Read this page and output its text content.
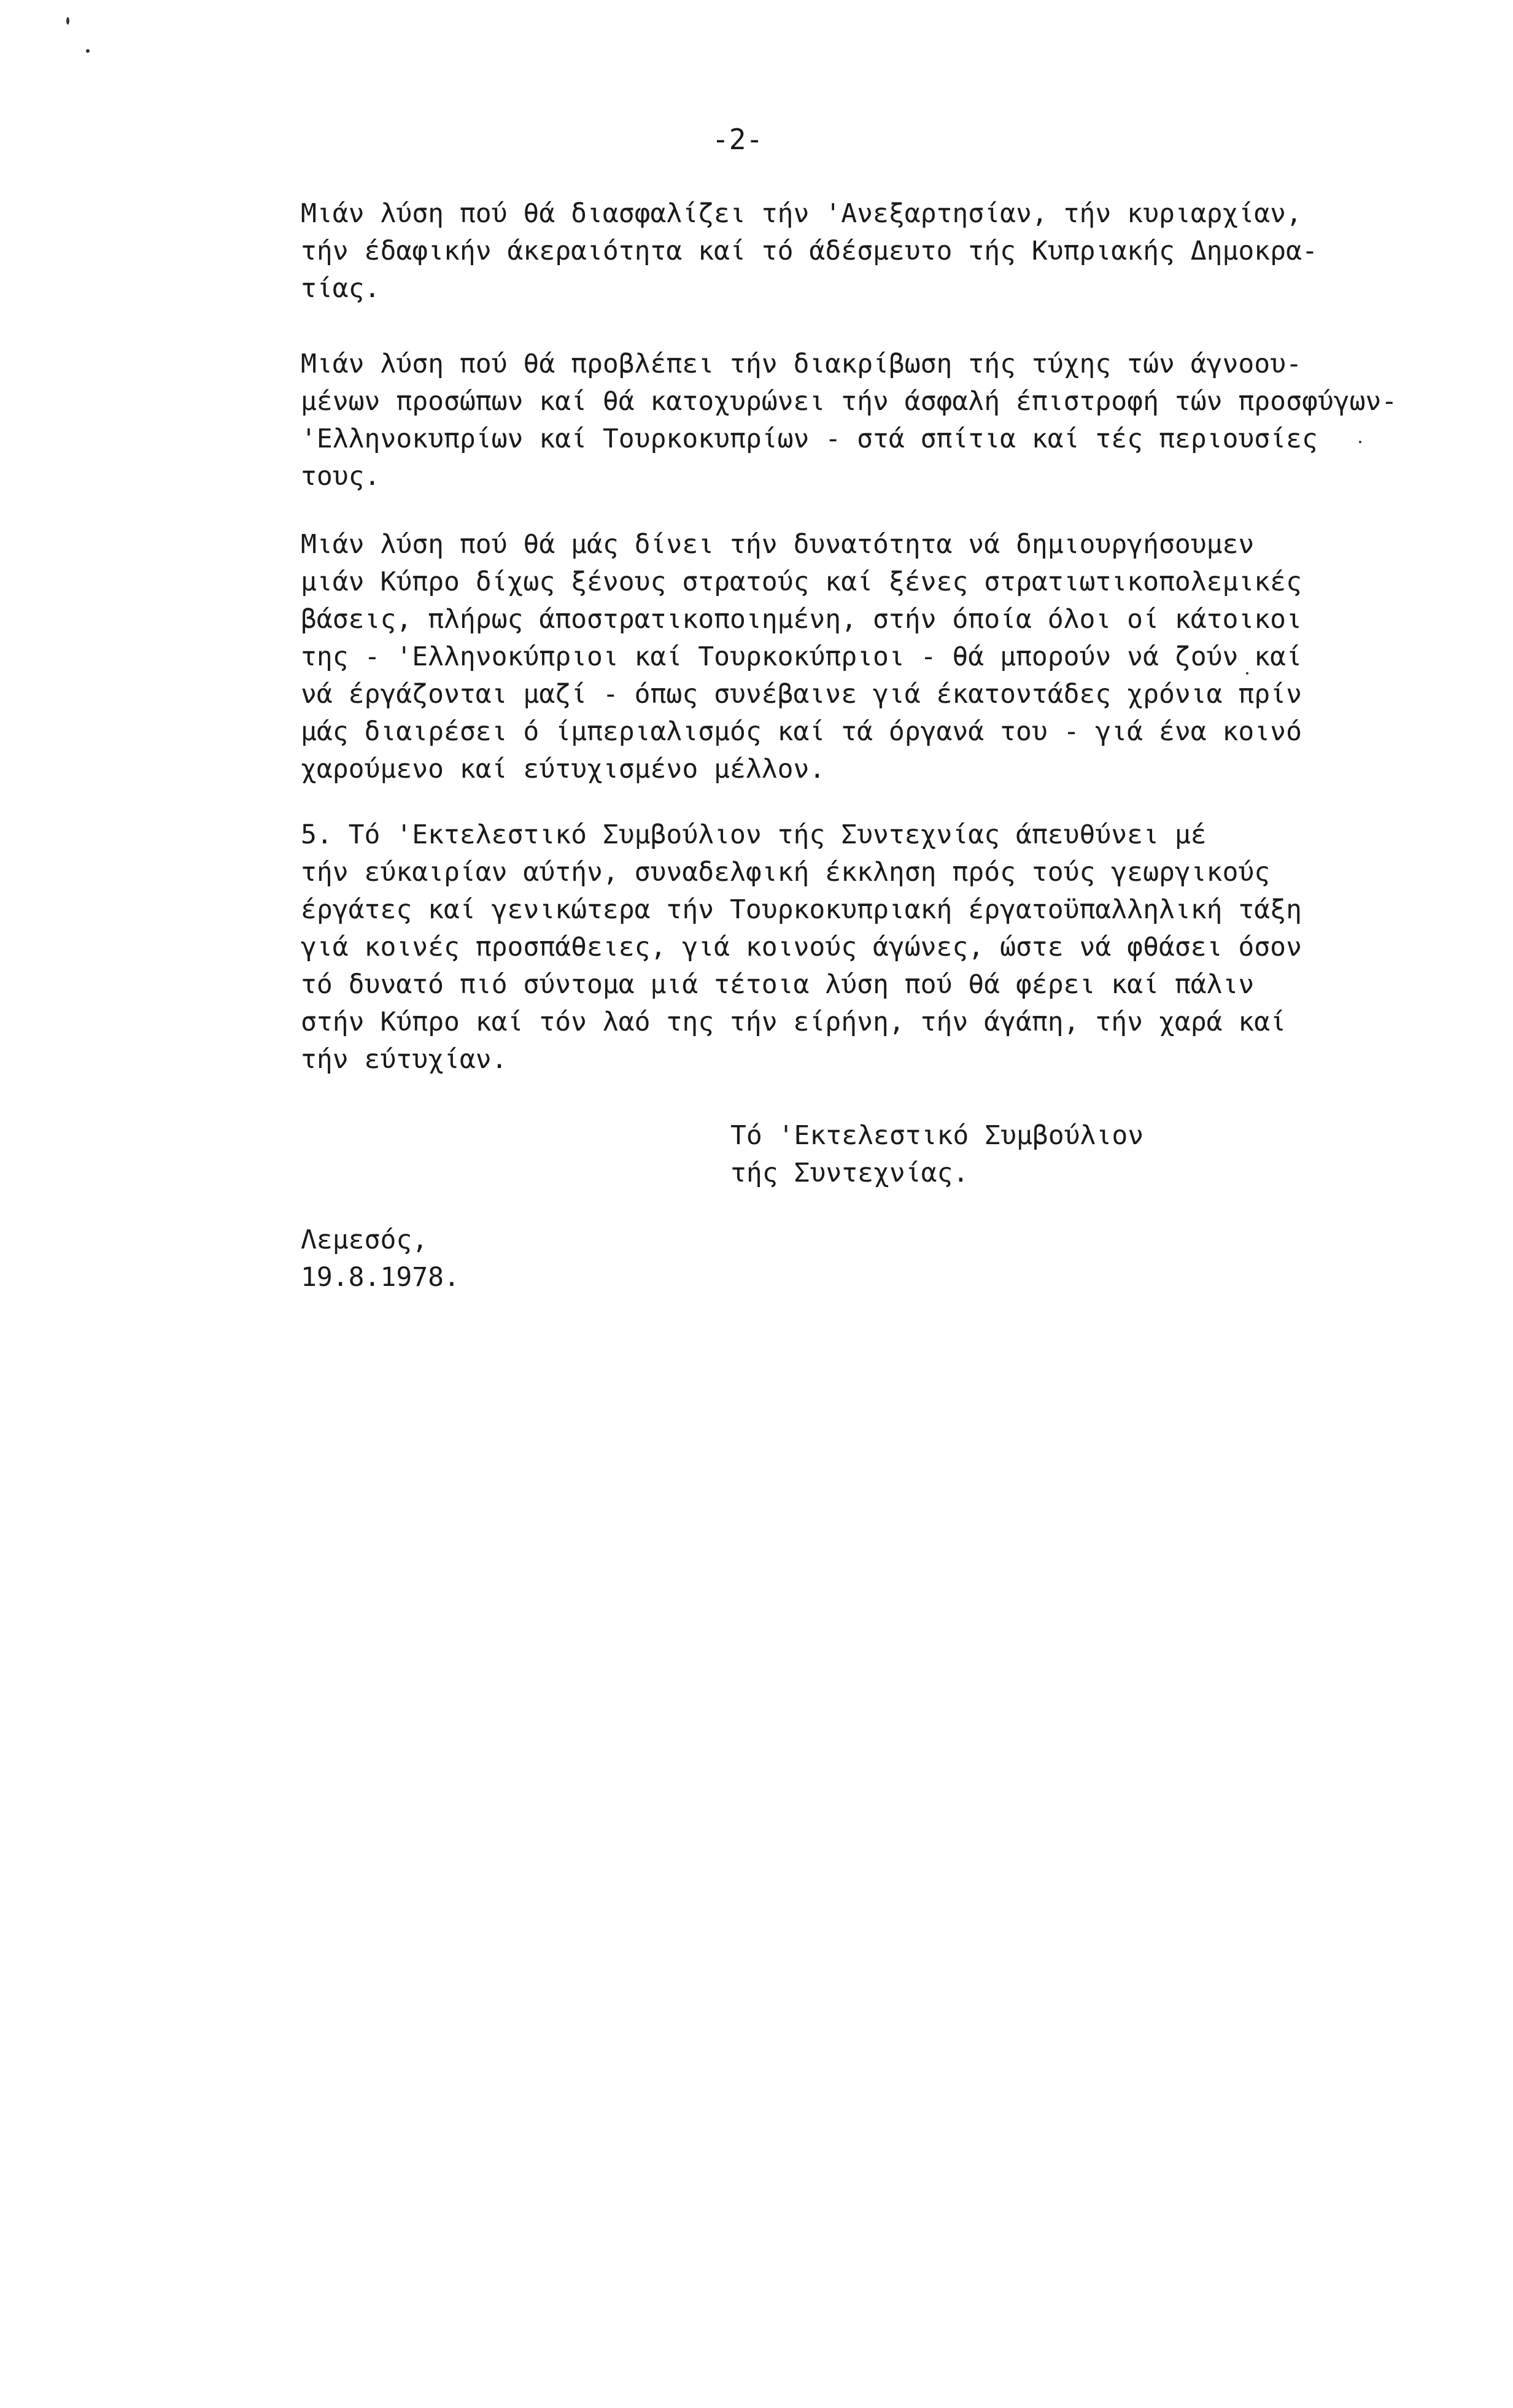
-2-
Μιάν λύση πού θά διασφαλίζει τήν 'Ανεξαρτησίαν, τήν κυριαρχίαν,
τήν έδαφικήν άκεραιότητα καί τό άδέσμευτο τής Κυπριακής Δημοκρα-
τίας.
Μιάν λύση πού θά προβλέπει τήν διακρίβωση τής τύχης τών άγνοου-
μένων προσώπων καί θά κατοχυρώνει τήν άσφαλή έπιστροφή τών προσφύγων-
'Ελληνοκυπρίων καί Τουρκοκυπρίων - στά σπίτια καί τές περιουσίες
τους.
Μιάν λύση πού θά μάς δίνει τήν δυνατότητα νά δημιουργήσουμεν
μιάν Κύπρο δίχως ξένους στρατούς καί ξένες στρατιωτικοπολεμικές
βάσεις, πλήρως άποστρατικοποιημένη, στήν όποία όλοι οί κάτοικοι
της - 'Ελληνοκύπριοι καί Τουρκοκύπριοι - θά μπορούν νά ζούν καί
νά έργάζονται μαζί - όπως συνέβαινε γιά έκατοντάδες χρόνια πρίν
μάς διαιρέσει ό ίμπεριαλισμός καί τά όργανά του - γιά ένα κοινό
χαρούμενο καί εύτυχισμένο μέλλον.
5. Τό 'Εκτελεστικό Συμβούλιον τής Συντεχνίας άπευθύνει μέ
τήν εύκαιρίαν αύτήν, συναδελφική έκκληση πρός τούς γεωργικούς
έργάτες καί γενικώτερα τήν Τουρκοκυπριακή έργατοϋπαλληλική τάξη
γιά κοινές προσπάθειες, γιά κοινούς άγώνες, ώστε νά φθάσει όσον
τό δυνατό πιό σύντομα μιά τέτοια λύση πού θά φέρει καί πάλιν
στήν Κύπρο καί τόν λαό της τήν είρήνη, τήν άγάπη, τήν χαρά καί
τήν εύτυχίαν.
Τό 'Εκτελεστικό Συμβούλιον
τής Συντεχνίας.
Λεμεσός,
19.8.1978.
